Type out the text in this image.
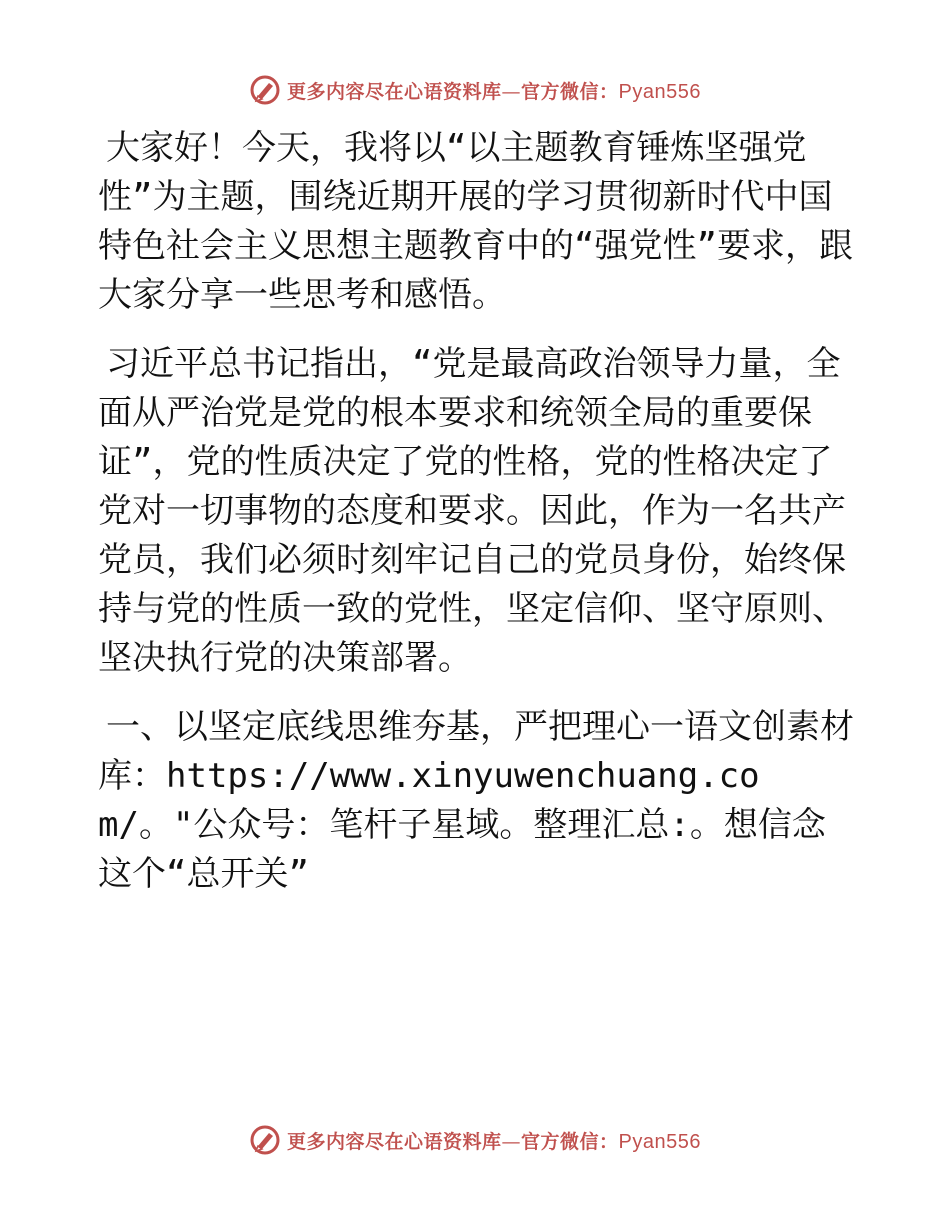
更多内容尽在心语资料库—官方微信：Pyan556

大家好！今天，我将以“以主题教育锤炼坚强党性”为主题，围绕近期开展的学习贯彻新时代中国特色社会主义思想主题教育中的“强党性”要求，跟大家分享一些思考和感悟。

习近平总书记指出，“党是最高政治领导力量，全面从严治党是党的根本要求和统领全局的重要保证”，党的性质决定了党的性格，党的性格决定了党对一切事物的态度和要求。因此，作为一名共产党员，我们必须时刻牢记自己的党员身份，始终保持与党的性质一致的党性，坚定信仰、坚守原则、坚决执行党的决策部署。

一、以坚定底线思维夯基，严把理心一语文创素材库：https://www.xinyuwenchuang.com/。"公众号：笔杆子星域。整理汇总:。想信念这个“总开关”

更多内容尽在心语资料库—官方微信：Pyan556
